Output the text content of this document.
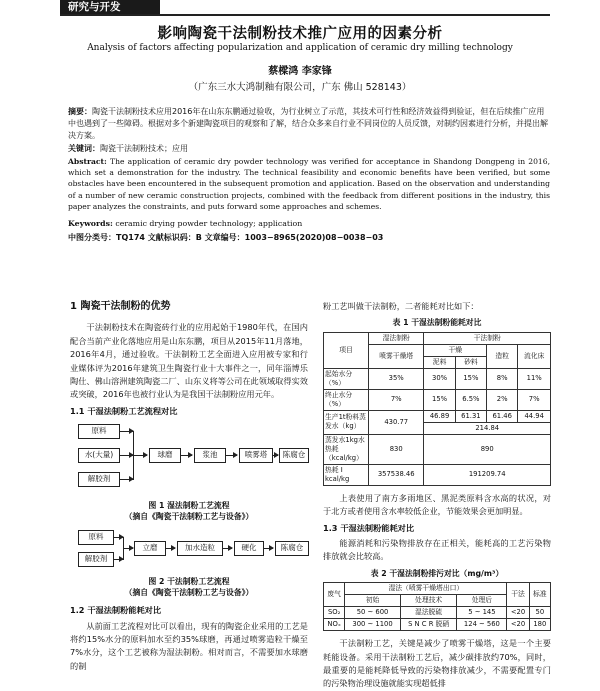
研究与开发
影响陶瓷干法制粉技术推广应用的因素分析
Analysis of factors affecting popularization and application of ceramic dry milling technology
蔡樑鸿 李家锋
（广东三水大鸿制釉有限公司，广东 佛山 528143）
摘要：陶瓷干法制粉技术应用2016年在山东东鹏通过验收，为行业树立了示范，其技术可行性和经济效益得到验证，但在后续推广应用中也遇到了一些障碍。根据对多个新建陶瓷项目的观察和了解，结合众多来自行业不同岗位的人员反馈，对制约因素进行分析，并提出解决方案。
关键词：陶瓷干法制粉技术；应用
Abstract: The application of ceramic dry powder technology was verified for acceptance in Shandong Dongpeng in 2016, which set a demonstration for the industry. The technical feasibility and economic benefits have been verified, but some obstacles have been encountered in the subsequent promotion and application. Based on the observation and understanding of a number of new ceramic construction projects, combined with the feedback from different positions in the industry, this paper analyzes the constraints, and puts forward some approaches and schemes.
Keywords: ceramic drying powder technology; application
中图分类号：TQ174 文献标识码：B 文章编号：1003−8965(2020)08−0038−03
1 陶瓷干法制粉的优势

干法制粉技术在陶瓷砖行业的应用起始于1980年代，在国内配合当前产业化落地应用是山东东鹏，项目从2015年11月落地，2016年4月，通过验收。干法制粉工艺全面进入应用被专家和行业媒体评为2016年建筑卫生陶瓷行业十大事件之一，同年淄博乐陶仕、佛山溶洲建筑陶瓷二厂、山东义将等公司在此领域取得实效或突破，2016年也被行业认为是我国干法制粉应用元年。

1.1 干湿法制粉工艺流程对比
原料
水(大量)
解胶剂
球磨	浆池	喷雾塔	陈腐仓
图 1 湿法制粉工艺流程
（摘自《陶瓷干法制粉工艺与设备》）
原料
解胶剂
立磨	加水造粒	硬化	陈腐仓
图 2 干法制粉工艺流程
（摘自《陶瓷干法制粉工艺与设备》）
1.2 干湿法制粉能耗对比

从前面工艺流程对比可以看出，现有的陶瓷企业采用的工艺是将约15%水分的原料加水至约35%球磨，再通过喷雾造粒干燥至7%水分，这个工艺被称为湿法制粉。相对而言，不需要加水球磨的制

粉工艺叫做干法制粉，二者能耗对比如下：

表 1 干湿法制粉能耗对比
项目	湿法制粉	干法制粉			
	喷雾干燥塔	干燥		造粒	流化床
		泥料	砂料		
起始水分（%）	35%	30%	15%	8%	11%
终止水分（%）	7%	15%	6.5%	2%	7%
生产1t粉料蒸发水（kg）	430.77	46.89	61.31	61.46	44.94
		214.84			
蒸发水1kg水热耗（kcal/kg）	830	890			
热耗 I kcal/kg	357538.46	191209.74			

上表使用了南方多雨地区、黑泥类原料含水高的状况，对于北方或者使用含水率较低企业，节能效果会更加明显。

1.3 干湿法制粉能耗对比

能源消耗和污染物排放存在正相关，能耗高的工艺污染物排放就会比较高。

表 2 干湿法制粉排污对比（mg/m³）
废气	湿法（喷雾干燥塔出口）			干法	标准
	初始	处理技术	处理后		
SO₂	50 ~ 600	湿法脱硫	5 ~ 145	<20	50
NOₓ	300 ~ 1100	S N C R 脱硝	124 ~ 560	<20	180

干法制粉工艺，关键是减少了喷雾干燥塔，这是一个主要耗能设备。采用干法制粉工艺后，减少碳排放约70%，同时，最重要的是能耗降低导致的污染物排放减少，不需要配置专门的污染物治理设施就能实现超低排
